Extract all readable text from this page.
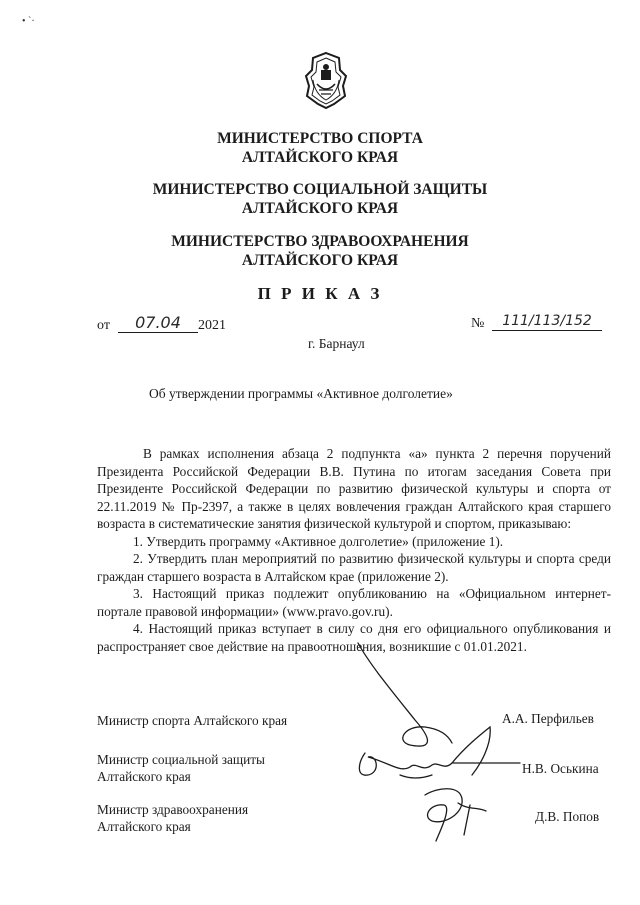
• `·
МИНИСТЕРСТВО СПОРТА
АЛТАЙСКОГО КРАЯ
МИНИСТЕРСТВО СОЦИАЛЬНОЙ ЗАЩИТЫ
АЛТАЙСКОГО КРАЯ
МИНИСТЕРСТВО ЗДРАВООХРАНЕНИЯ
АЛТАЙСКОГО КРАЯ
П Р И К А З
от	07.04	2021	№	111/113/152
г. Барнаул
Об утверждении программы «Активное долголетие»

В рамках исполнения абзаца 2 подпункта «а» пункта 2 перечня поручений Президента Российской Федерации В.В. Путина по итогам заседания Совета при Президенте Российской Федерации по развитию физической культуры и спорта от 22.11.2019 № Пр-2397, а также в целях вовлечения граждан Алтайского края старшего возраста в систематические занятия физической культурой и спортом, приказываю:

1. Утвердить программу «Активное долголетие» (приложение 1).

2. Утвердить план мероприятий по развитию физической культуры и спорта среди граждан старшего возраста в Алтайском крае (приложение 2).

3. Настоящий приказ подлежит опубликованию на «Официальном интернет-портале правовой информации» (www.pravo.gov.ru).

4. Настоящий приказ вступает в силу со дня его официального опубликования и распространяет свое действие на правоотношения, возникшие с 01.01.2021.

Министр спорта Алтайского края	А.А. Перфильев
Министр социальной защиты
Алтайского края
Н.В. Оськина
Министр здравоохранения
Алтайского края
Д.В. Попов
